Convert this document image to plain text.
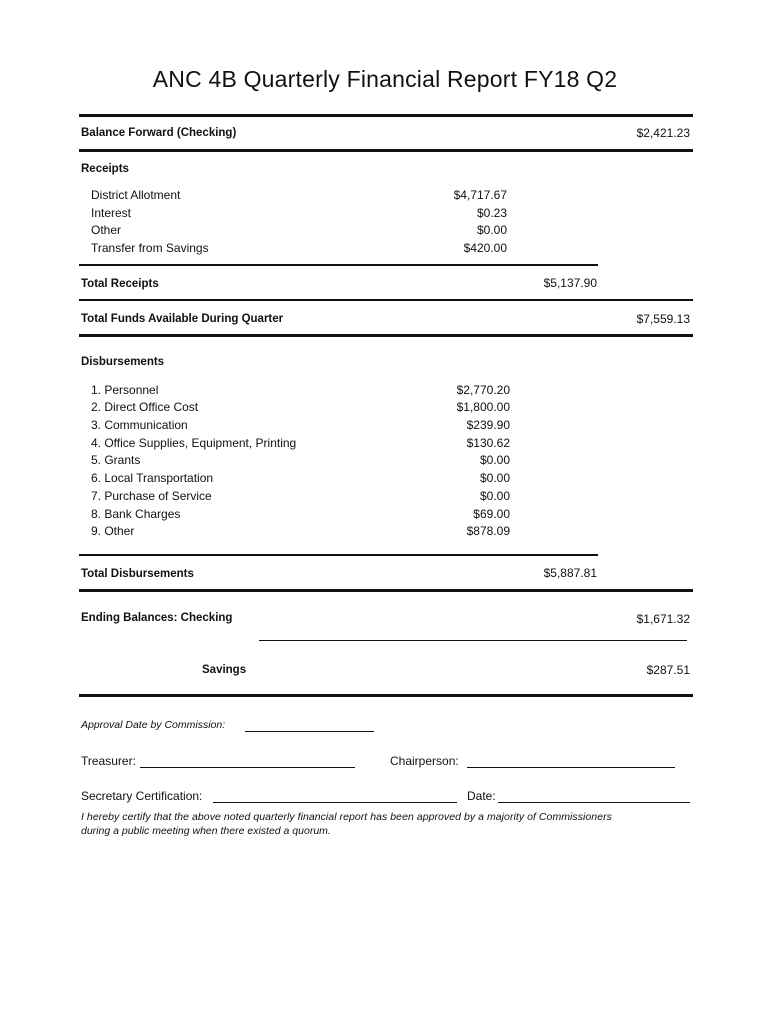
ANC 4B Quarterly Financial Report FY18 Q2
Balance Forward (Checking)	$2,421.23
Receipts
District Allotment	$4,717.67
Interest	$0.23
Other	$0.00
Transfer from Savings	$420.00
Total Receipts	$5,137.90
Total Funds Available During Quarter	$7,559.13
Disbursements
1. Personnel	$2,770.20
2. Direct Office Cost	$1,800.00
3. Communication	$239.90
4. Office Supplies, Equipment, Printing	$130.62
5. Grants	$0.00
6. Local Transportation	$0.00
7. Purchase of Service	$0.00
8. Bank Charges	$69.00
9. Other	$878.09
Total Disbursements	$5,887.81
Ending Balances: Checking	$1,671.32
Savings	$287.51
Approval Date by Commission:
Treasurer:	Chairperson:
Secretary Certification:	Date:
I hereby certify that the above noted quarterly financial report has been approved by a majority of Commissioners
during a public meeting when there existed a quorum.
